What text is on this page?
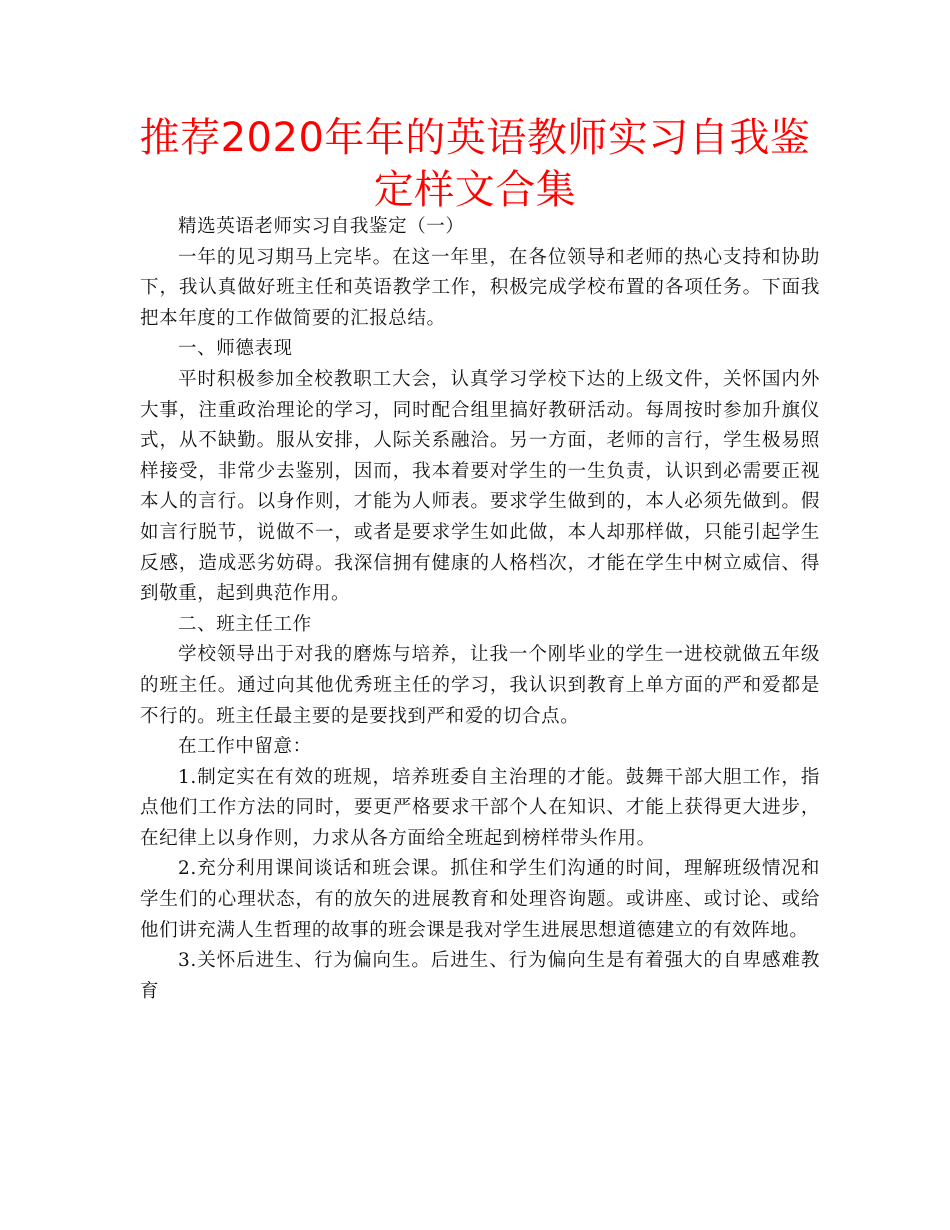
推荐2020年年的英语教师实习自我鉴定样文合集

精选英语老师实习自我鉴定（一）

一年的见习期马上完毕。在这一年里，在各位领导和老师的热心支持和协助下，我认真做好班主任和英语教学工作，积极完成学校布置的各项任务。下面我把本年度的工作做简要的汇报总结。

一、师德表现

平时积极参加全校教职工大会，认真学习学校下达的上级文件，关怀国内外大事，注重政治理论的学习，同时配合组里搞好教研活动。每周按时参加升旗仪式，从不缺勤。服从安排，人际关系融洽。另一方面，老师的言行，学生极易照样接受，非常少去鉴别，因而，我本着要对学生的一生负责，认识到必需要正视本人的言行。以身作则，才能为人师表。要求学生做到的，本人必须先做到。假如言行脱节，说做不一，或者是要求学生如此做，本人却那样做，只能引起学生反感，造成恶劣妨碍。我深信拥有健康的人格档次，才能在学生中树立威信、得到敬重，起到典范作用。

二、班主任工作

学校领导出于对我的磨炼与培养，让我一个刚毕业的学生一进校就做五年级的班主任。通过向其他优秀班主任的学习，我认识到教育上单方面的严和爱都是不行的。班主任最主要的是要找到严和爱的切合点。

在工作中留意：

1.制定实在有效的班规，培养班委自主治理的才能。鼓舞干部大胆工作，指点他们工作方法的同时，要更严格要求干部个人在知识、才能上获得更大进步，在纪律上以身作则，力求从各方面给全班起到榜样带头作用。

2.充分利用课间谈话和班会课。抓住和学生们沟通的时间，理解班级情况和学生们的心理状态，有的放矢的进展教育和处理咨询题。或讲座、或讨论、或给他们讲充满人生哲理的故事的班会课是我对学生进展思想道德建立的有效阵地。

3.关怀后进生、行为偏向生。后进生、行为偏向生是有着强大的自卑感难教育
